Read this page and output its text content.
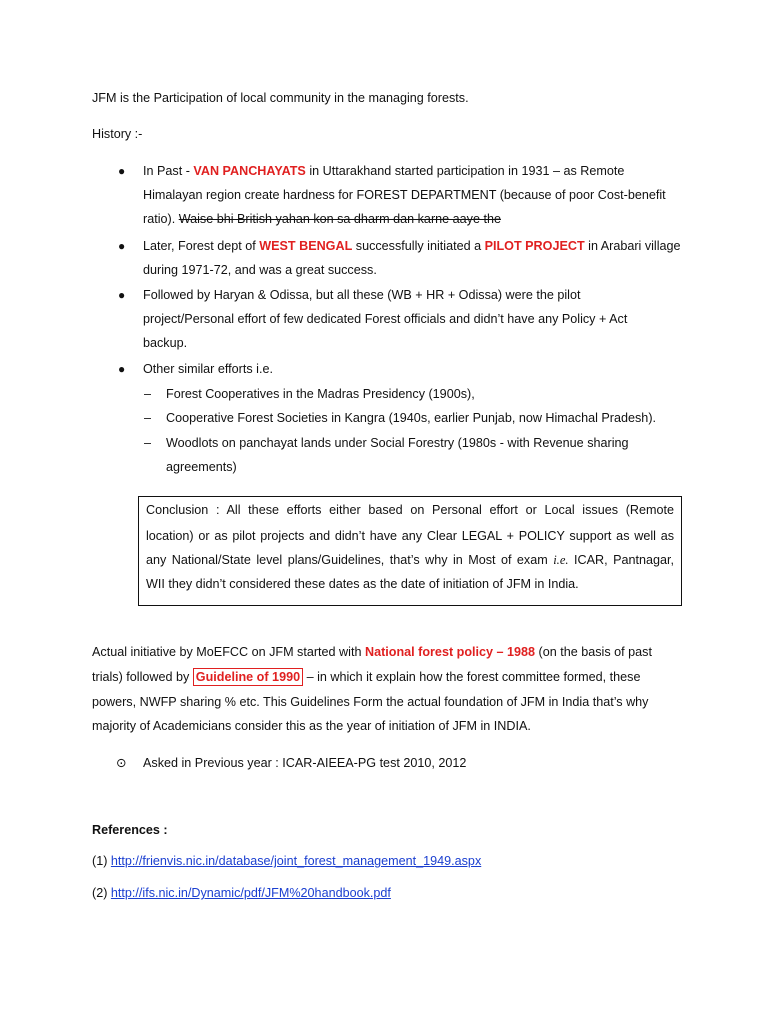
JFM is the Participation of local community in the managing forests.
History :-
● In Past - VAN PANCHAYATS in Uttarakhand started participation in 1931 – as Remote
Himalayan region create hardness for FOREST DEPARTMENT (because of poor Cost-benefit
ratio). Waise bhi British yahan kon sa dharm dan karne aaye the
● Later, Forest dept of WEST BENGAL successfully initiated a PILOT PROJECT in Arabari village
during 1971-72, and was a great success.
● Followed by Haryan & Odissa, but all these (WB + HR + Odissa) were the pilot
project/Personal effort of few dedicated Forest officials and didn’t have any Policy + Act
backup.
● Other similar efforts i.e.
– Forest Cooperatives in the Madras Presidency (1900s),
– Cooperative Forest Societies in Kangra (1940s, earlier Punjab, now Himachal Pradesh).
– Woodlots on panchayat lands under Social Forestry (1980s - with Revenue sharing
agreements)
Conclusion : All these efforts either based on Personal effort or Local issues (Remote
location) or as pilot projects and didn’t have any Clear LEGAL + POLICY support as well as
any National/State level plans/Guidelines, that’s why in Most of exam i.e. ICAR, Pantnagar,
WII they didn’t considered these dates as the date of initiation of JFM in India.
Actual initiative by MoEFCC on JFM started with National forest policy – 1988 (on the basis of past
trials) followed by Guideline of 1990 – in which it explain how the forest committee formed, these
powers, NWFP sharing % etc. This Guidelines Form the actual foundation of JFM in India that’s why
majority of Academicians consider this as the year of initiation of JFM in INDIA.
⊙ Asked in Previous year : ICAR-AIEEA-PG test 2010, 2012
References :
(1) http://frienvis.nic.in/database/joint_forest_management_1949.aspx
(2) http://ifs.nic.in/Dynamic/pdf/JFM%20handbook.pdf
